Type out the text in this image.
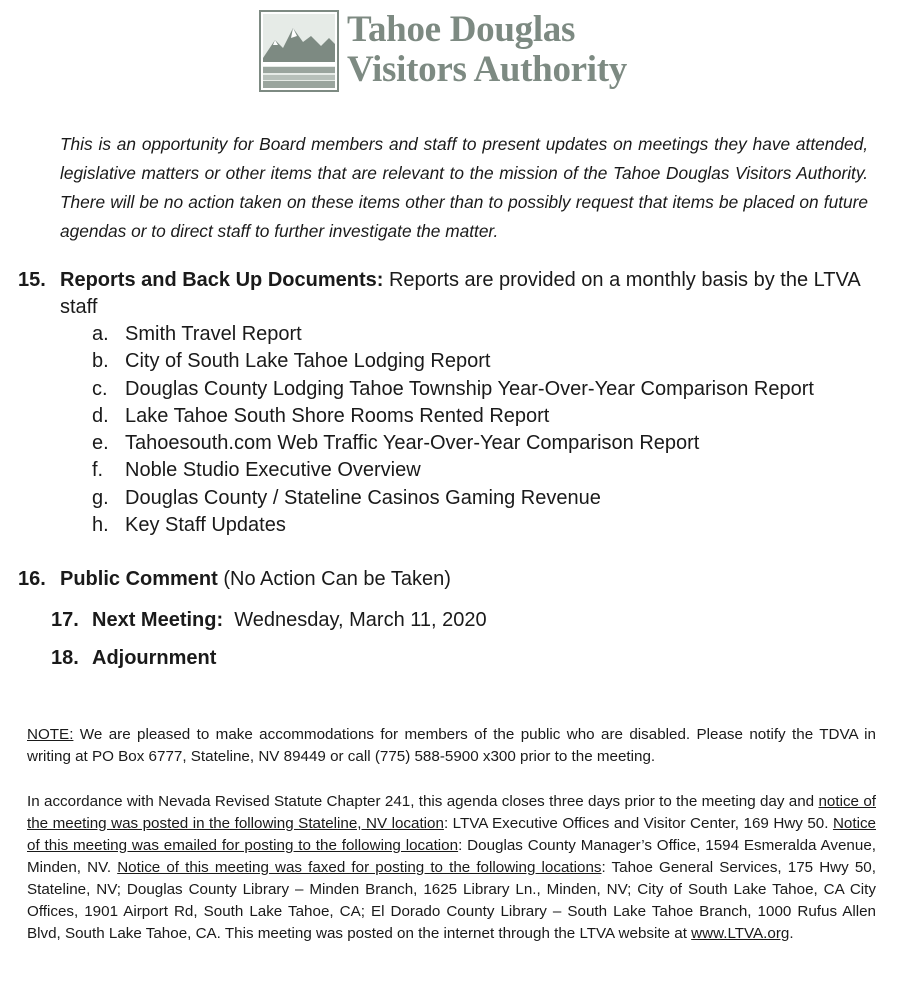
Tahoe Douglas
Visitors Authority
This is an opportunity for Board members and staff to present updates on meetings they have attended, legislative matters or other items that are relevant to the mission of the Tahoe Douglas Visitors Authority. There will be no action taken on these items other than to possibly request that items be placed on future agendas or to direct staff to further investigate the matter.
15. Reports and Back Up Documents: Reports are provided on a monthly basis by the LTVA staff
a. Smith Travel Report
b. City of South Lake Tahoe Lodging Report
c. Douglas County Lodging Tahoe Township Year-Over-Year Comparison Report
d. Lake Tahoe South Shore Rooms Rented Report
e. Tahoesouth.com Web Traffic Year-Over-Year Comparison Report
f. Noble Studio Executive Overview
g. Douglas County / Stateline Casinos Gaming Revenue
h. Key Staff Updates
16. Public Comment (No Action Can be Taken)
17. Next Meeting:  Wednesday, March 11, 2020
18. Adjournment
NOTE: We are pleased to make accommodations for members of the public who are disabled. Please notify the TDVA in writing at PO Box 6777, Stateline, NV 89449 or call (775) 588-5900 x300 prior to the meeting.
In accordance with Nevada Revised Statute Chapter 241, this agenda closes three days prior to the meeting day and notice of the meeting was posted in the following Stateline, NV location: LTVA Executive Offices and Visitor Center, 169 Hwy 50. Notice of this meeting was emailed for posting to the following location: Douglas County Manager’s Office, 1594 Esmeralda Avenue, Minden, NV. Notice of this meeting was faxed for posting to the following locations: Tahoe General Services, 175 Hwy 50, Stateline, NV; Douglas County Library – Minden Branch, 1625 Library Ln., Minden, NV; City of South Lake Tahoe, CA City Offices, 1901 Airport Rd, South Lake Tahoe, CA; El Dorado County Library – South Lake Tahoe Branch, 1000 Rufus Allen Blvd, South Lake Tahoe, CA. This meeting was posted on the internet through the LTVA website at www.LTVA.org.
